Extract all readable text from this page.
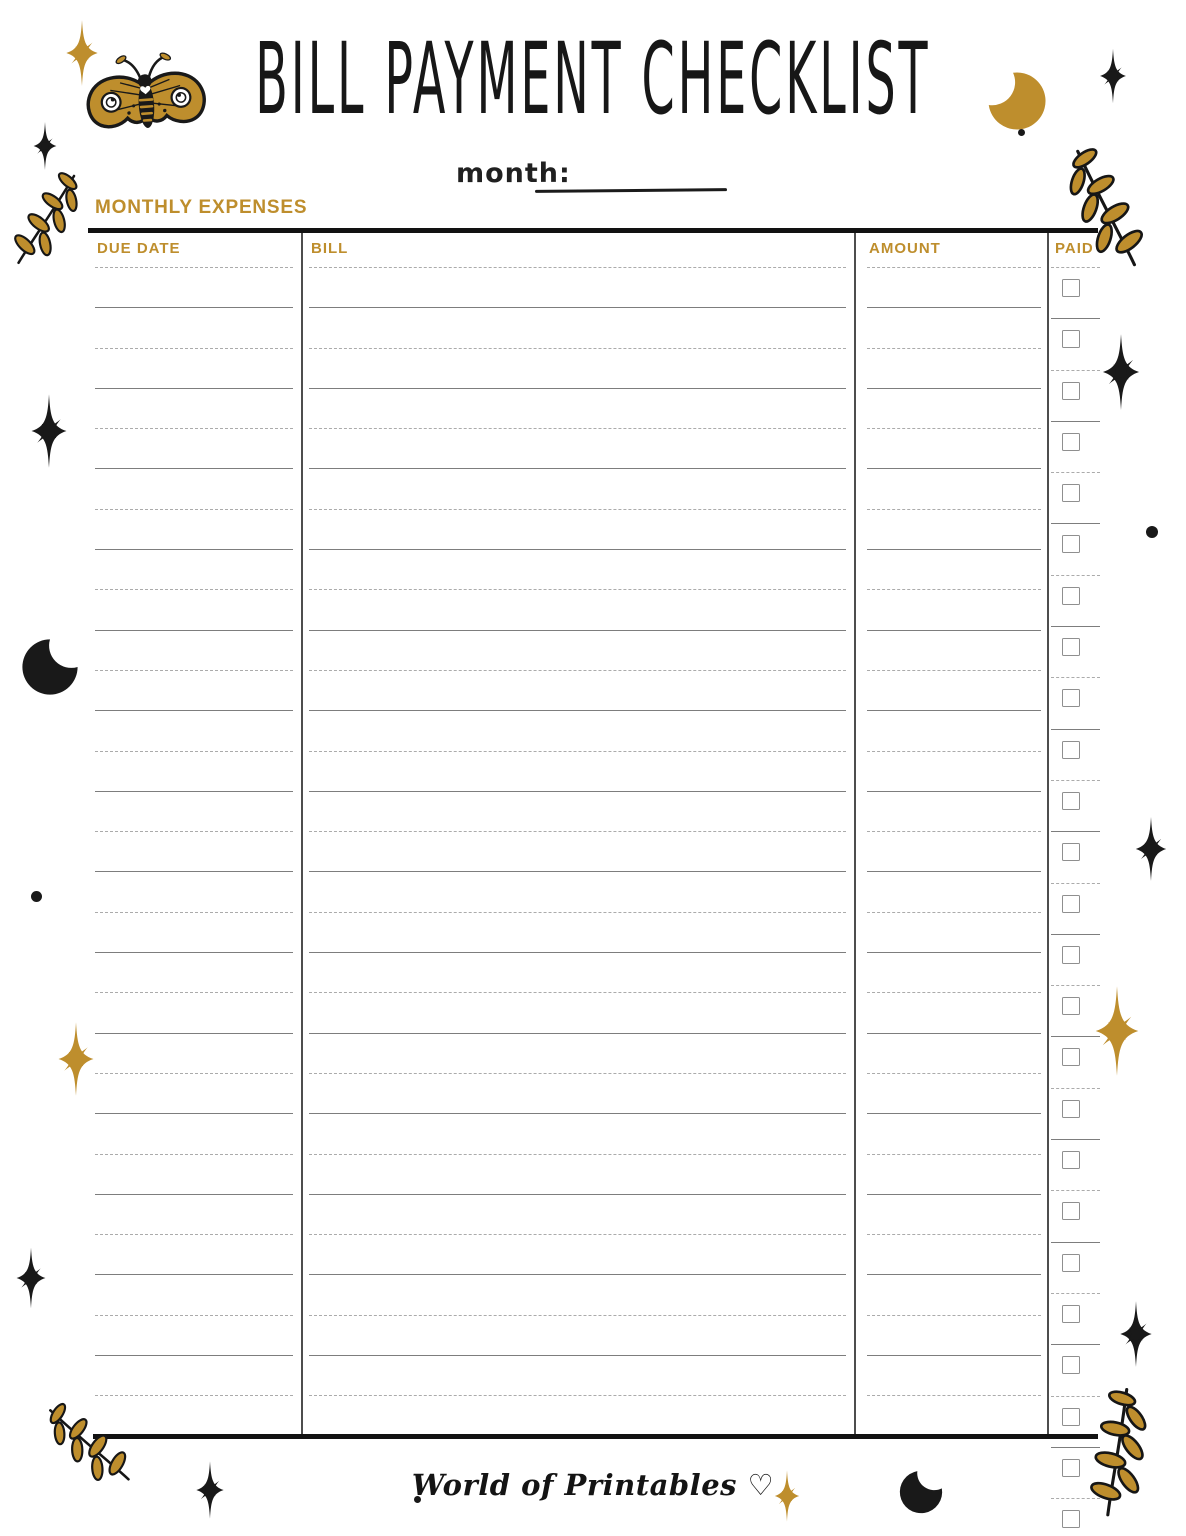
BILL PAYMENT CHECKLIST
month:
MONTHLY EXPENSES
DUE DATE	BILL	AMOUNT	PAID
World of Printables ♡
